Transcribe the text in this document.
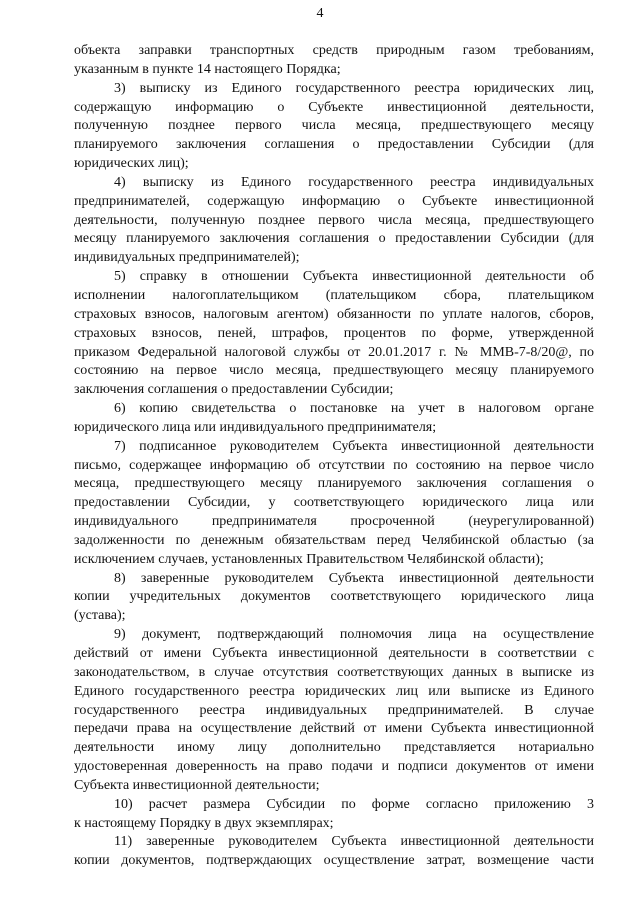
4
объекта заправки транспортных средств природным газом требованиям,
указанным в пункте 14 настоящего Порядка;
3) выписку из Единого государственного реестра юридических лиц,
содержащую информацию о Субъекте инвестиционной деятельности,
полученную позднее первого числа месяца, предшествующего месяцу
планируемого заключения соглашения о предоставлении Субсидии (для
юридических лиц);
4) выписку из Единого государственного реестра индивидуальных
предпринимателей, содержащую информацию о Субъекте инвестиционной
деятельности, полученную позднее первого числа месяца, предшествующего
месяцу планируемого заключения соглашения о предоставлении Субсидии (для
индивидуальных предпринимателей);
5) справку в отношении Субъекта инвестиционной деятельности об
исполнении налогоплательщиком (плательщиком сбора, плательщиком
страховых взносов, налоговым агентом) обязанности по уплате налогов, сборов,
страховых взносов, пеней, штрафов, процентов по форме, утвержденной
приказом Федеральной налоговой службы от 20.01.2017 г. № ММВ-7-8/20@, по
состоянию на первое число месяца, предшествующего месяцу планируемого
заключения соглашения о предоставлении Субсидии;
6) копию свидетельства о постановке на учет в налоговом органе
юридического лица или индивидуального предпринимателя;
7) подписанное руководителем Субъекта инвестиционной деятельности
письмо, содержащее информацию об отсутствии по состоянию на первое число
месяца, предшествующего месяцу планируемого заключения соглашения о
предоставлении Субсидии, у соответствующего юридического лица или
индивидуального предпринимателя просроченной (неурегулированной)
задолженности по денежным обязательствам перед Челябинской областью (за
исключением случаев, установленных Правительством Челябинской области);
8) заверенные руководителем Субъекта инвестиционной деятельности
копии учредительных документов соответствующего юридического лица
(устава);
9) документ, подтверждающий полномочия лица на осуществление
действий от имени Субъекта инвестиционной деятельности в соответствии с
законодательством, в случае отсутствия соответствующих данных в выписке из
Единого государственного реестра юридических лиц или выписке из Единого
государственного реестра индивидуальных предпринимателей. В случае
передачи права на осуществление действий от имени Субъекта инвестиционной
деятельности иному лицу дополнительно представляется нотариально
удостоверенная доверенность на право подачи и подписи документов от имени
Субъекта инвестиционной деятельности;
10) расчет размера Субсидии по форме согласно приложению 3
к настоящему Порядку в двух экземплярах;
11) заверенные руководителем Субъекта инвестиционной деятельности
копии документов, подтверждающих осуществление затрат, возмещение части
